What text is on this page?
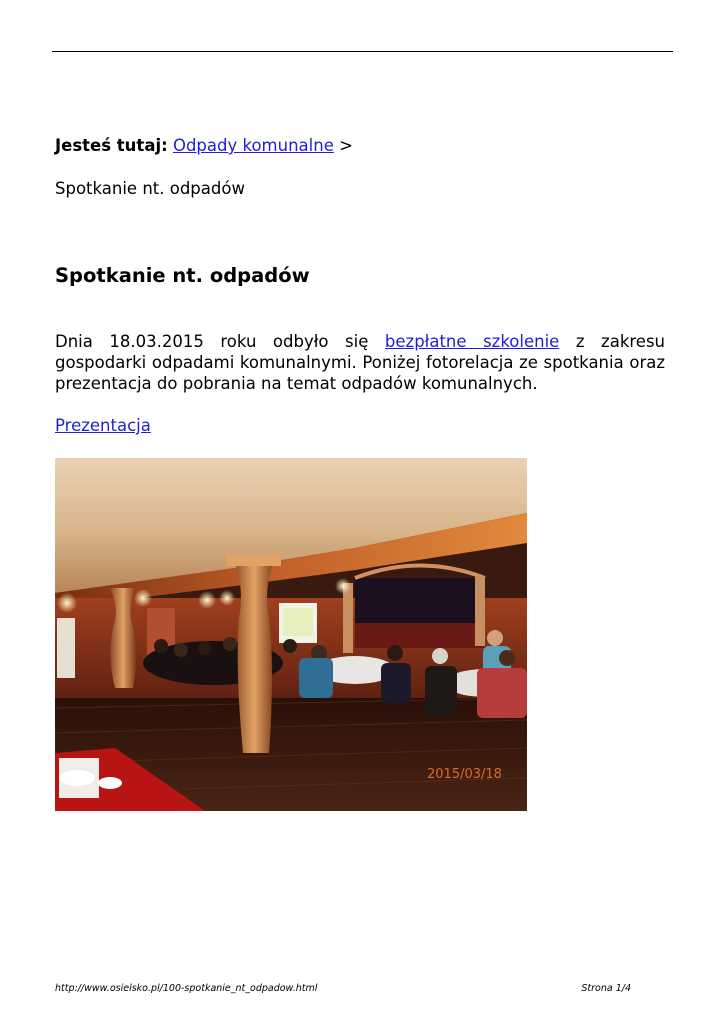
Jesteś tutaj: Odpady komunalne >
Spotkanie nt. odpadów
Spotkanie nt. odpadów

Dnia 18.03.2015 roku odbyło się bezpłatne szkolenie z zakresu gospodarki odpadami komunalnymi. Poniżej fotorelacja ze spotkania oraz prezentacja do pobrania na temat odpadów komunalnych.

Prezentacja
2015/03/18
http://www.osielsko.pl/100-spotkanie_nt_odpadow.html	Strona 1/4
